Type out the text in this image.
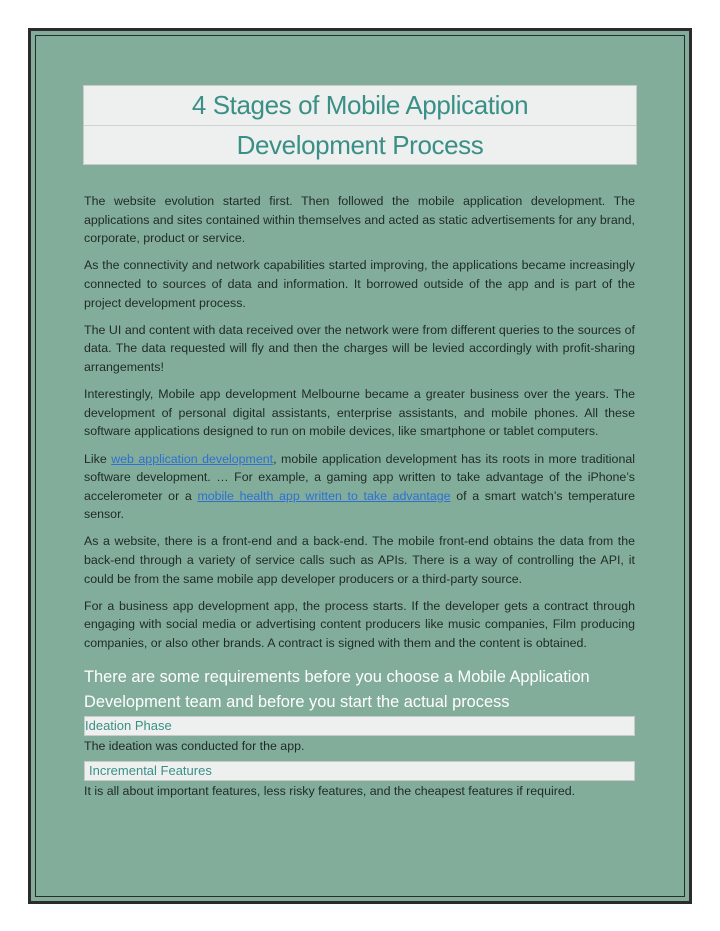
4 Stages of Mobile Application
Development Process

The website evolution started first. Then followed the mobile application development. The applications and sites contained within themselves and acted as static advertisements for any brand, corporate, product or service.

As the connectivity and network capabilities started improving, the applications became increasingly connected to sources of data and information. It borrowed outside of the app and is part of the project development process.

The UI and content with data received over the network were from different queries to the sources of data. The data requested will fly and then the charges will be levied accordingly with profit-sharing arrangements!

Interestingly, Mobile app development Melbourne became a greater business over the years. The development of personal digital assistants, enterprise assistants, and mobile phones. All these software applications designed to run on mobile devices, like smartphone or tablet computers.

Like web application development, mobile application development has its roots in more traditional software development. … For example, a gaming app written to take advantage of the iPhone’s accelerometer or a mobile health app written to take advantage of a smart watch’s temperature sensor.

As a website, there is a front-end and a back-end. The mobile front-end obtains the data from the back-end through a variety of service calls such as APIs. There is a way of controlling the API, it could be from the same mobile app developer producers or a third-party source.

For a business app development app, the process starts. If the developer gets a contract through engaging with social media or advertising content producers like music companies, Film producing companies, or also other brands. A contract is signed with them and the content is obtained.

There are some requirements before you choose a Mobile Application Development team and before you start the actual process
Ideation Phase
The ideation was conducted for the app.
Incremental Features
It is all about important features, less risky features, and the cheapest features if required.
